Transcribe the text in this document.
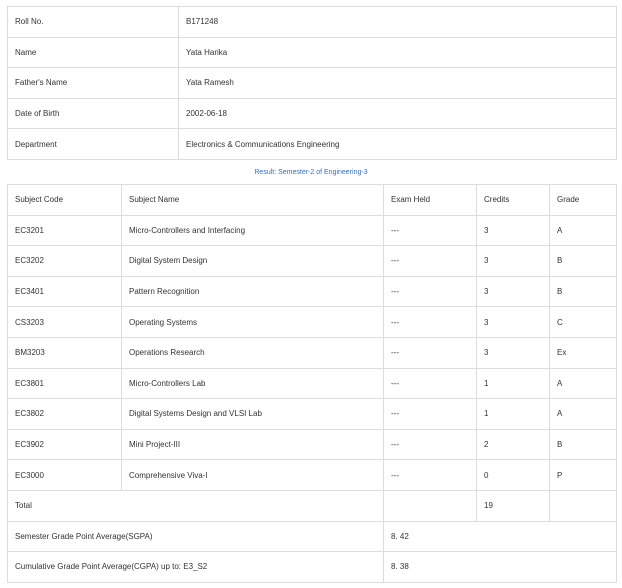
Roll No.	B171248
Name	Yata Harika
Father's Name	Yata Ramesh
Date of Birth	2002-06-18
Department	Electronics & Communications Engineering
Result: Semester-2 of Engineering-3
Subject Code	Subject Name	Exam Held	Credits	Grade
EC3201	Micro-Controllers and Interfacing	---	3	A
EC3202	Digital System Design	---	3	B
EC3401	Pattern Recognition	---	3	B
CS3203	Operating Systems	---	3	C
BM3203	Operations Research	---	3	Ex
EC3801	Micro-Controllers Lab	---	1	A
EC3802	Digital Systems Design and VLSI Lab	---	1	A
EC3902	Mini Project-III	---	2	B
EC3000	Comprehensive Viva-I	---	0	P
Total			19	
Semester Grade Point Average(SGPA)		8. 42		
Cumulative Grade Point Average(CGPA) up to: E3_S2		8. 38		
